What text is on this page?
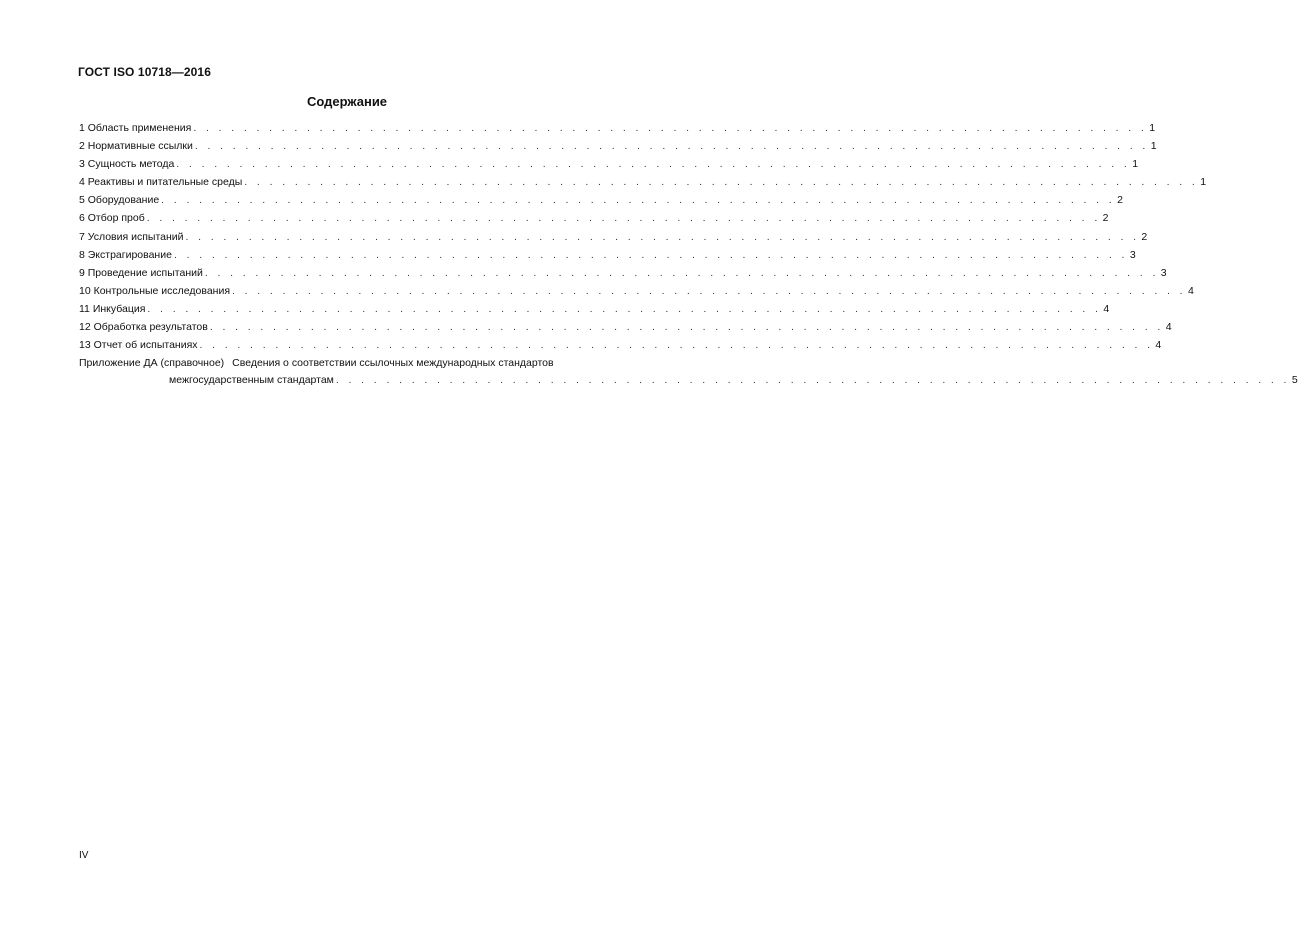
ГОСТ ISO 10718—2016
Содержание
1 Область применения . . . . . . . . . . . . . . . . . . . . . . . . . . . . . . . . . . . . . . . . . . . . . . . . . . . . . . . . . . . . . . . . . . . . . . . . . . . . 1
2 Нормативные ссылки . . . . . . . . . . . . . . . . . . . . . . . . . . . . . . . . . . . . . . . . . . . . . . . . . . . . . . . . . . . . . . . . . . . . . . . . . . . . 1
3 Сущность метода . . . . . . . . . . . . . . . . . . . . . . . . . . . . . . . . . . . . . . . . . . . . . . . . . . . . . . . . . . . . . . . . . . . . . . . . . . . . 1
4 Реактивы и питательные среды . . . . . . . . . . . . . . . . . . . . . . . . . . . . . . . . . . . . . . . . . . . . . . . . . . . . . . . . . . . . . . . . . . . . . . . . . . . . 1
5 Оборудование . . . . . . . . . . . . . . . . . . . . . . . . . . . . . . . . . . . . . . . . . . . . . . . . . . . . . . . . . . . . . . . . . . . . . . . . . . . . 2
6 Отбор проб . . . . . . . . . . . . . . . . . . . . . . . . . . . . . . . . . . . . . . . . . . . . . . . . . . . . . . . . . . . . . . . . . . . . . . . . . . . . 2
7 Условия испытаний . . . . . . . . . . . . . . . . . . . . . . . . . . . . . . . . . . . . . . . . . . . . . . . . . . . . . . . . . . . . . . . . . . . . . . . . . . . . 2
8 Экстрагирование . . . . . . . . . . . . . . . . . . . . . . . . . . . . . . . . . . . . . . . . . . . . . . . . . . . . . . . . . . . . . . . . . . . . . . . . . . . . 3
9 Проведение испытаний . . . . . . . . . . . . . . . . . . . . . . . . . . . . . . . . . . . . . . . . . . . . . . . . . . . . . . . . . . . . . . . . . . . . . . . . . . . . 3
10 Контрольные исследования . . . . . . . . . . . . . . . . . . . . . . . . . . . . . . . . . . . . . . . . . . . . . . . . . . . . . . . . . . . . . . . . . . . . . . . . . . . . 4
11 Инкубация . . . . . . . . . . . . . . . . . . . . . . . . . . . . . . . . . . . . . . . . . . . . . . . . . . . . . . . . . . . . . . . . . . . . . . . . . . . . 4
12 Обработка результатов . . . . . . . . . . . . . . . . . . . . . . . . . . . . . . . . . . . . . . . . . . . . . . . . . . . . . . . . . . . . . . . . . . . . . . . . . . . . 4
13 Отчет об испытаниях . . . . . . . . . . . . . . . . . . . . . . . . . . . . . . . . . . . . . . . . . . . . . . . . . . . . . . . . . . . . . . . . . . . . . . . . . . . . 4
Приложение ДА (справочное) Сведения о соответствии ссылочных международных стандартов
межгосударственным стандартам . . . . . . . . . . . . . . . . . . . . . . . . . . . . . . . . . . . . . . . . . . . . . . . . . . . . . . . . . . . . . . . . . . . . . . . . . . . . 5
IV
